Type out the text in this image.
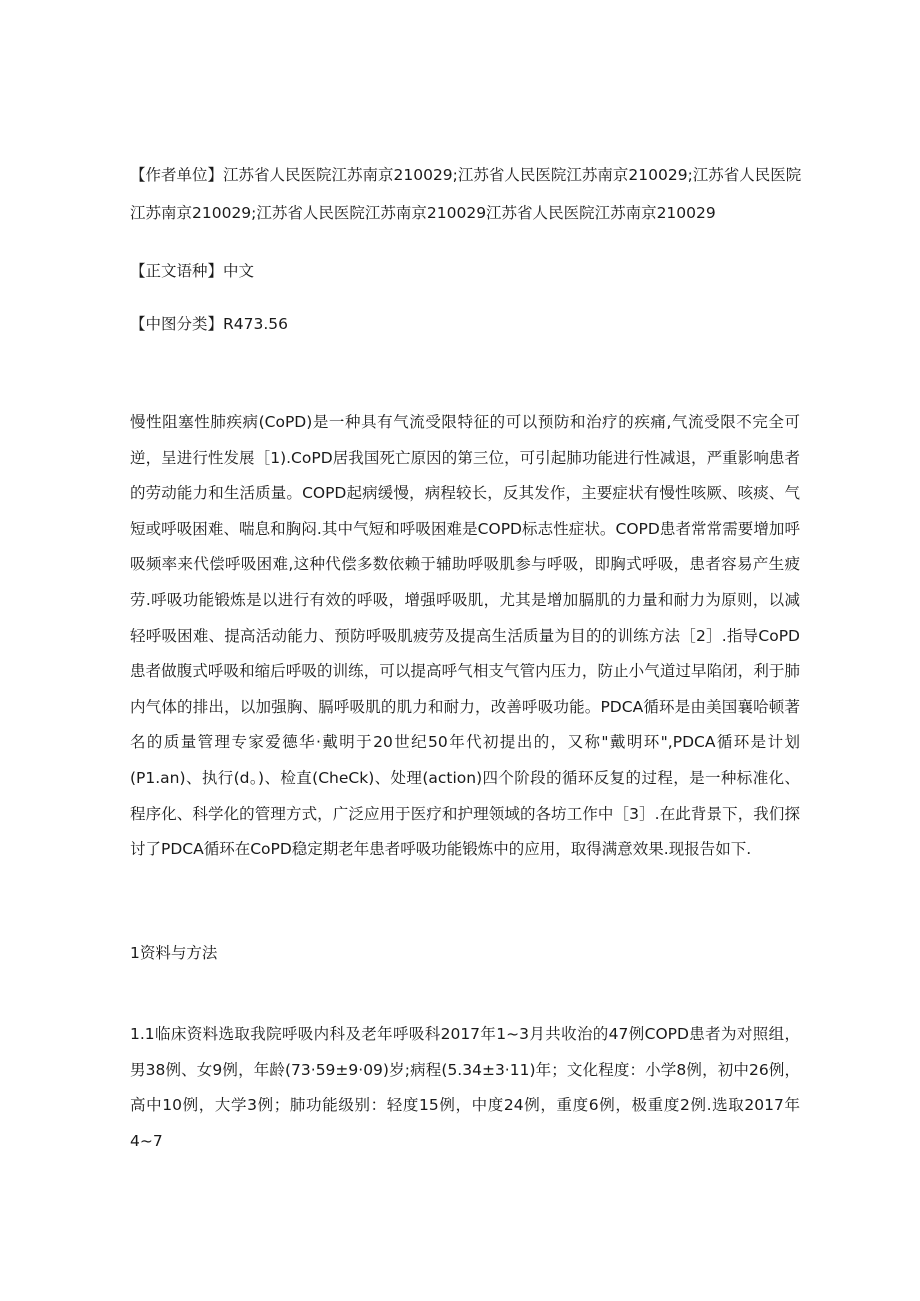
【作者单位】江苏省人民医院江苏南京210029;江苏省人民医院江苏南京210029;江苏省人民医院江苏南京210029;江苏省人民医院江苏南京210029江苏省人民医院江苏南京210029
【正文语种】中文
【中图分类】R473.56
慢性阻塞性肺疾病(CoPD)是一种具有气流受限特征的可以预防和治疗的疾痛,气流受限不完全可逆，呈进行性发展［1).CoPD居我国死亡原因的第三位，可引起肺功能进行性减退，严重影响患者的劳动能力和生活质量。COPD起病缓慢，病程较长，反其发作，主要症状有慢性咳厥、咳痰、气短或呼吸困难、喘息和胸闷.其中气短和呼吸困难是COPD标志性症状。COPD患者常常需要增加呼吸频率来代偿呼吸困难,这种代偿多数依赖于辅助呼吸肌参与呼吸，即胸式呼吸，患者容易产生疲劳.呼吸功能锻炼是以进行有效的呼吸，增强呼吸肌，尤其是增加膈肌的力量和耐力为原则，以减轻呼吸困难、提高活动能力、预防呼吸肌疲劳及提高生活质量为目的的训练方法［2］.指导CoPD患者做腹式呼吸和缩后呼吸的训练，可以提高呼气相支气管内压力，防止小气道过早陷闭，利于肺内气体的排出，以加强胸、膈呼吸肌的肌力和耐力，改善呼吸功能。PDCA循环是由美国襄哈顿著名的质量管理专家爱德华·戴明于20世纪50年代初提出的，又称"戴明环",PDCA循环是计划(P1.an)、执行(d。)、检直(CheCk)、处理(action)四个阶段的循环反复的过程，是一种标准化、程序化、科学化的管理方式，广泛应用于医疗和护理领域的各坊工作中［3］.在此背景下，我们探讨了PDCA循环在CoPD稳定期老年患者呼吸功能锻炼中的应用，取得满意效果.现报告如下.
1资料与方法
1.1临床资料选取我院呼吸内科及老年呼吸科2017年1~3月共收治的47例COPD患者为对照组，男38例、女9例，年龄(73·59±9·09)岁;病程(5.34±3·11)年；文化程度：小学8例，初中26例，高中10例，大学3例；肺功能级别：轻度15例，中度24例，重度6例，极重度2例.选取2017年4~7
